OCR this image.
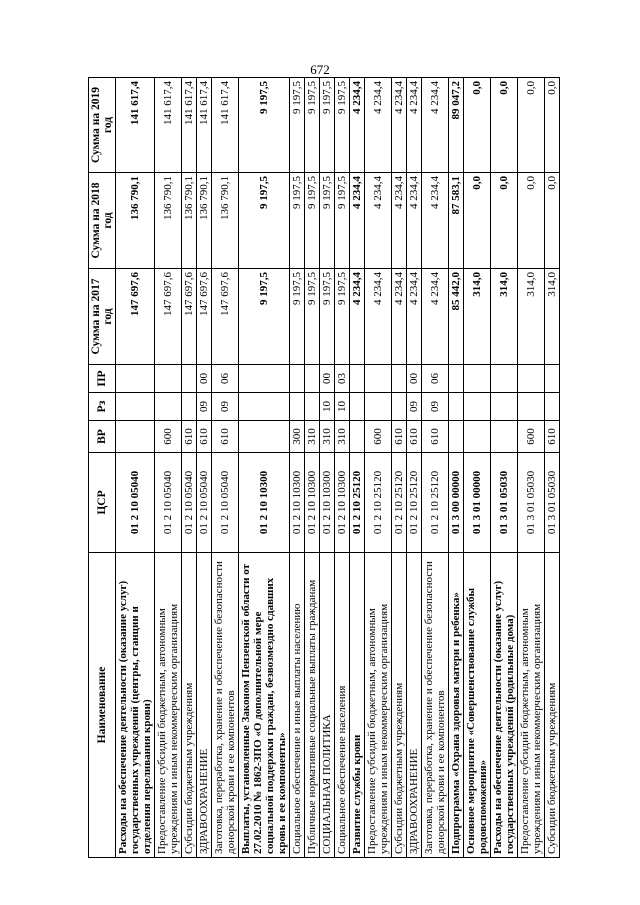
672
Наименование	ЦСР	ВР	Рз	ПР	Сумма на 2017 год	Сумма на 2018 год	Сумма на 2019 год
Расходы на обеспечение деятельности (оказание услуг) государственных учреждений (центры, станции и отделения переливания крови)	01 2 10 05040				147 697,6	136 790,1	141 617,4
Предоставление субсидий бюджетным, автономным учреждениям и иным некоммерческим организациям	01 2 10 05040	600			147 697,6	136 790,1	141 617,4
Субсидии бюджетным учреждениям	01 2 10 05040	610			147 697,6	136 790,1	141 617,4
ЗДРАВООХРАНЕНИЕ	01 2 10 05040	610	09	00	147 697,6	136 790,1	141 617,4
Заготовка, переработка, хранение и обеспечение безопасности донорской крови и ее компонентов	01 2 10 05040	610	09	06	147 697,6	136 790,1	141 617,4
Выплаты, установленные Законом Пензенской области от 27.02.2010 № 1862-ЗПО «О дополнительной мере социальной поддержки граждан, безвозмездно сдавших кровь и ее компоненты»	01 2 10 10300				9 197,5	9 197,5	9 197,5
Социальное обеспечение и иные выплаты населению	01 2 10 10300	300			9 197,5	9 197,5	9 197,5
Публичные нормативные социальные выплаты гражданам	01 2 10 10300	310			9 197,5	9 197,5	9 197,5
СОЦИАЛЬНАЯ ПОЛИТИКА	01 2 10 10300	310	10	00	9 197,5	9 197,5	9 197,5
Социальное обеспечение населения	01 2 10 10300	310	10	03	9 197,5	9 197,5	9 197,5
Развитие службы крови	01 2 10 25120				4 234,4	4 234,4	4 234,4
Предоставление субсидий бюджетным, автономным учреждениям и иным некоммерческим организациям	01 2 10 25120	600			4 234,4	4 234,4	4 234,4
Субсидии бюджетным учреждениям	01 2 10 25120	610			4 234,4	4 234,4	4 234,4
ЗДРАВООХРАНЕНИЕ	01 2 10 25120	610	09	00	4 234,4	4 234,4	4 234,4
Заготовка, переработка, хранение и обеспечение безопасности донорской крови и ее компонентов	01 2 10 25120	610	09	06	4 234,4	4 234,4	4 234,4
Подпрограмма «Охрана здоровья матери и ребенка»	01 3 00 00000				85 442,0	87 583,1	89 047,2
Основное мероприятие «Совершенствование службы родовспоможения»	01 3 01 00000				314,0	0,0	0,0
Расходы на обеспечение деятельности (оказание услуг) государственных учреждений (родильные дома)	01 3 01 05030				314,0	0,0	0,0
Предоставление субсидий бюджетным, автономным учреждениям и иным некоммерческим организациям	01 3 01 05030	600			314,0	0,0	0,0
Субсидии бюджетным учреждениям	01 3 01 05030	610			314,0	0,0	0,0
